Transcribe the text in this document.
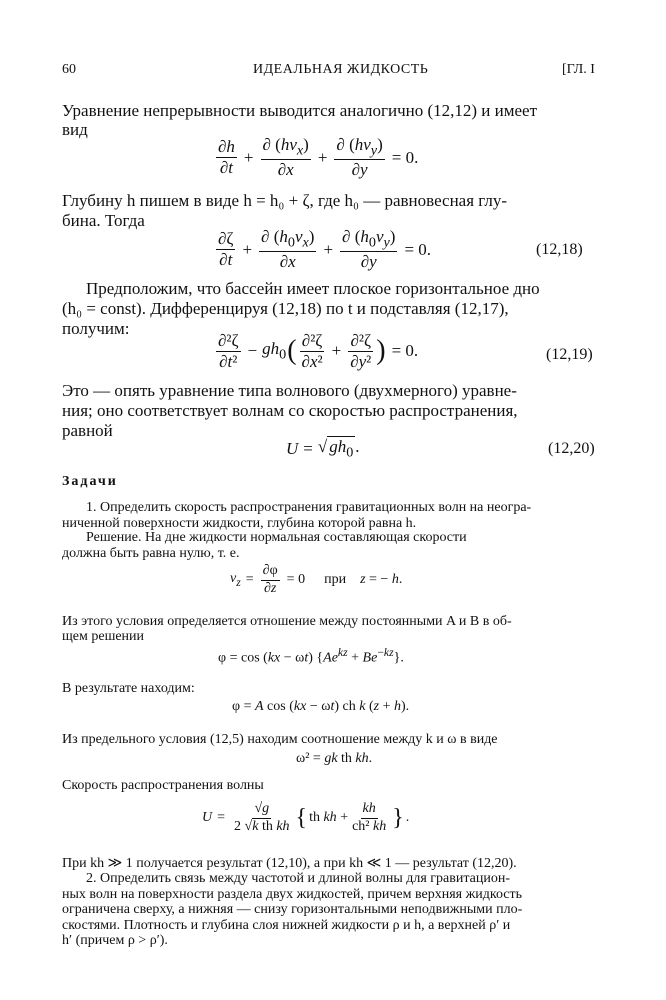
60	ИДЕАЛЬНАЯ ЖИДКОСТЬ	[ГЛ. I
Уравнение непрерывности выводится аналогично (12,12) и имеет
вид
$\frac{\partial h}{\partial t} + \frac{\partial (hv_x)}{\partial x} + \frac{\partial (hv_y)}{\partial y} = 0$.
Глубину h пишем в виде h = h₀ + ζ, где h₀ — равновесная глу-
бина. Тогда
$\frac{\partial\zeta}{\partial t} + \frac{\partial (h_0v_x)}{\partial x} + \frac{\partial (h_0v_y)}{\partial y} = 0$.	(12,18)
Предположим, что бассейн имеет плоское горизонтальное дно
(h₀ = const). Дифференцируя (12,18) по t и подставляя (12,17),
получим:
$\frac{\text{∂²ζ}}{\text{∂t²}} - gh_0$ ( $\frac{\text{∂²ζ}}{\text{∂x²}} + \frac{\text{∂²ζ}}{\text{∂y²}}$ ) = 0.	(12,19)
Это — опять уравнение типа волнового (двухмерного) уравне-
ния; оно соответствует волнам со скоростью распространения,
равной
U = √ $gh_0$ .	(12,20)
Задачи
1. Определить скорость распространения гравитационных волн на неогра-
ниченной поверхности жидкости, глубина которой равна h.
Решение. На дне жидкости нормальная составляющая скорости
должна быть равна нулю, т. е.
$v_z = \frac{\partial\varphi}{\partial z} = 0$ при z = − h.
Из этого условия определяется отношение между постоянными A и B в об-
щем решении
φ = cos (kx − ωt) $\{Ae^{kz} + Be^{-kz}\}$.
В результате находим:
φ = A cos (kx − ωt) ch k (z + h).
Из предельного условия (12,5) находим соотношение между k и ω в виде
ω² = gk th kh.
Скорость распространения волны
$U = \frac{√g}{\text{2 √k th kh}}$ { th kh + $\frac{kh}{\text{ch² kh}}$ } .
При kh ≫ 1 получается результат (12,10), а при kh ≪ 1 — результат (12,20).
2. Определить связь между частотой и длиной волны для гравитацион-
ных волн на поверхности раздела двух жидкостей, причем верхняя жидкость
ограничена сверху, а нижняя — снизу горизонтальными неподвижными пло-
скостями. Плотность и глубина слоя нижней жидкости ρ и h, а верхней ρ′ и
h′ (причем ρ > ρ′).
